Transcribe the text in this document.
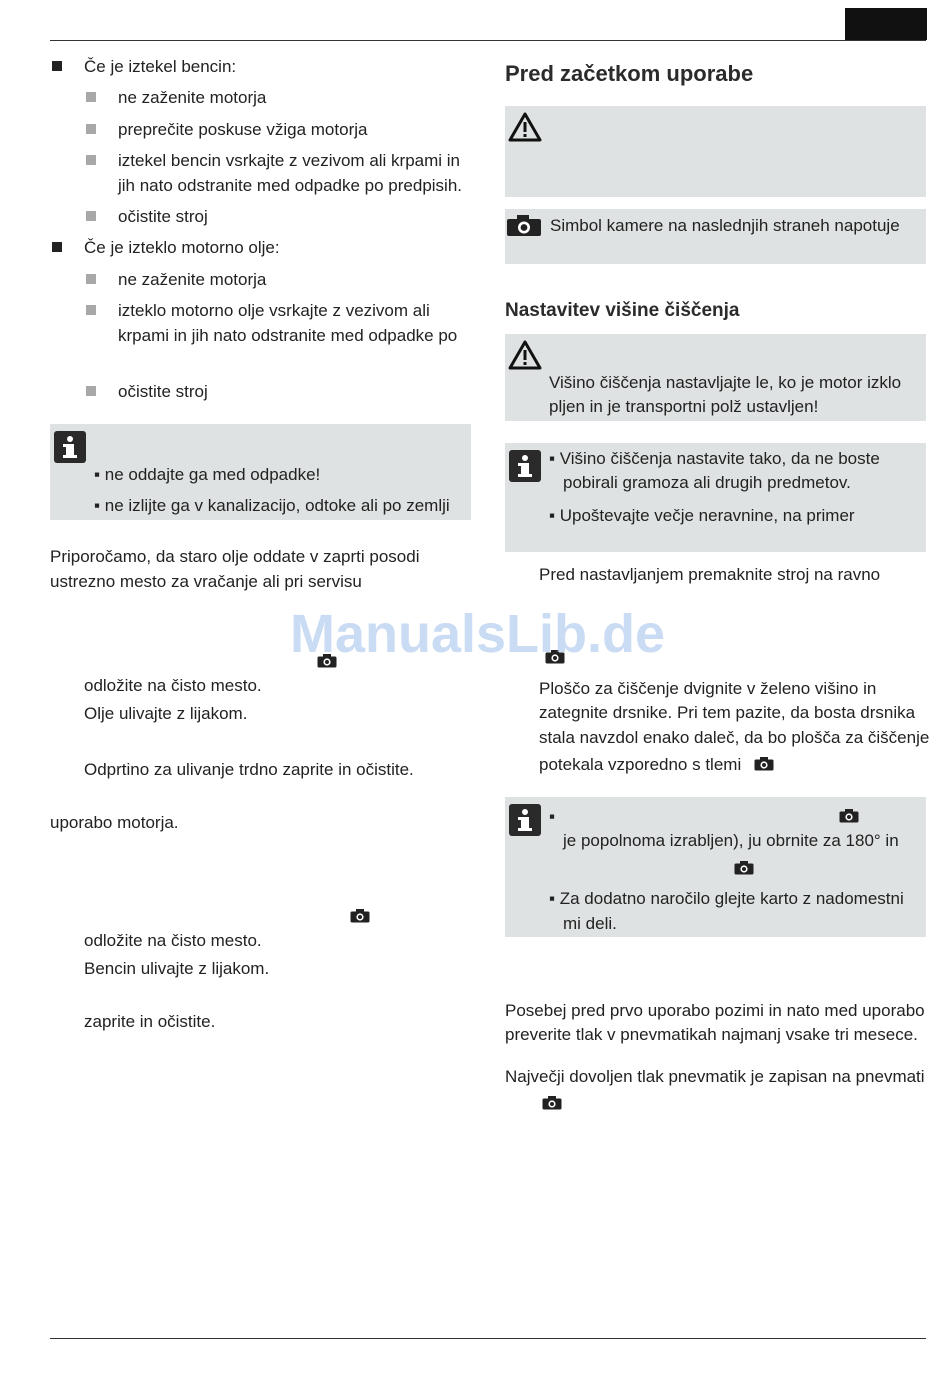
Če je iztekel bencin:
ne zaženite motorja
preprečite poskuse vžiga motorja
iztekel bencin vsrkajte z vezivom ali krpami in
jih nato odstranite med odpadke po predpisih.
očistite stroj
Če je izteklo motorno olje:
ne zaženite motorja
izteklo motorno olje vsrkajte z vezivom ali
krpami in jih nato odstranite med odpadke po
očistite stroj
▪ ne oddajte ga med odpadke!
▪ ne izlijte ga v kanalizacijo, odtoke ali po zemlji
Priporočamo, da staro olje oddate v zaprti posodi
ustrezno mesto za vračanje ali pri servisu
odložite na čisto mesto.
Olje ulivajte z lijakom.
Odprtino za ulivanje trdno zaprite in očistite.
uporabo motorja.
odložite na čisto mesto.
Bencin ulivajte z lijakom.
zaprite in očistite.
Pred začetkom uporabe
Simbol kamere na naslednjih straneh napotuje
Nastavitev višine čiščenja
Višino čiščenja nastavljajte le, ko je motor izklo
pljen in je transportni polž ustavljen!
▪ Višino čiščenja nastavite tako, da ne boste
pobirali gramoza ali drugih predmetov.
▪ Upoštevajte večje neravnine, na primer
Pred nastavljanjem premaknite stroj na ravno
Ploščo za čiščenje dvignite v želeno višino in
zategnite drsnike. Pri tem pazite, da bosta drsnika
stala navzdol enako daleč, da bo plošča za čiščenje
potekala vzporedno s tlemi
▪
je popolnoma izrabljen), ju obrnite za 180° in
▪ Za dodatno naročilo glejte karto z nadomestni
mi deli.
Posebej pred prvo uporabo pozimi in nato med uporabo
preverite tlak v pnevmatikah najmanj vsake tri mesece.
Največji dovoljen tlak pnevmatik je zapisan na pnevmati
ManualsLib.de
